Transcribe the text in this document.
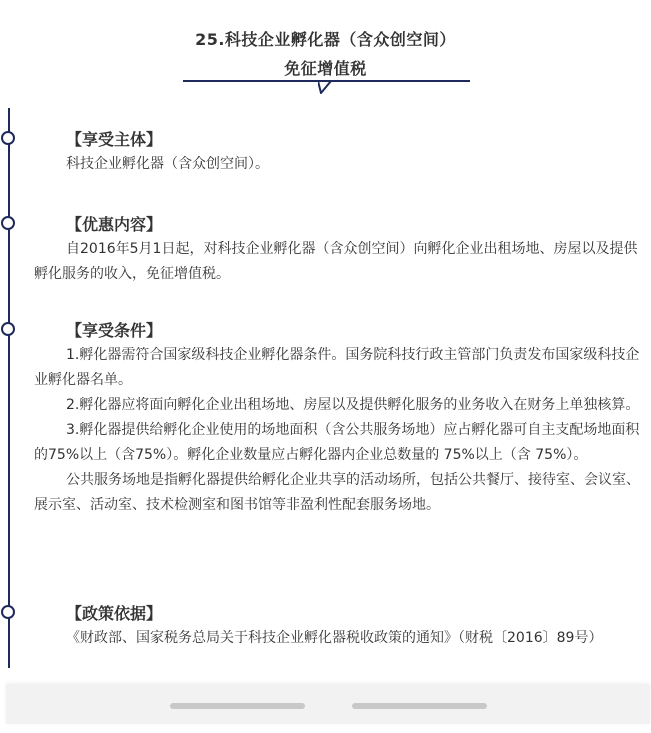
25.科技企业孵化器（含众创空间）
免征增值税
【享受主体】

科技企业孵化器（含众创空间）。

【优惠内容】

自2016年5月1日起，对科技企业孵化器（含众创空间）向孵化企业出租场地、房屋以及提供孵化服务的收入，免征增值税。

【享受条件】

1.孵化器需符合国家级科技企业孵化器条件。国务院科技行政主管部门负责发布国家级科技企业孵化器名单。

2.孵化器应将面向孵化企业出租场地、房屋以及提供孵化服务的业务收入在财务上单独核算。

3.孵化器提供给孵化企业使用的场地面积（含公共服务场地）应占孵化器可自主支配场地面积的75%以上（含75%）。孵化企业数量应占孵化器内企业总数量的 75%以上（含 75%）。

公共服务场地是指孵化器提供给孵化企业共享的活动场所，包括公共餐厅、接待室、会议室、展示室、活动室、技术检测室和图书馆等非盈利性配套服务场地。

【政策依据】

《财政部、国家税务总局关于科技企业孵化器税收政策的通知》（财税〔2016〕89号）
